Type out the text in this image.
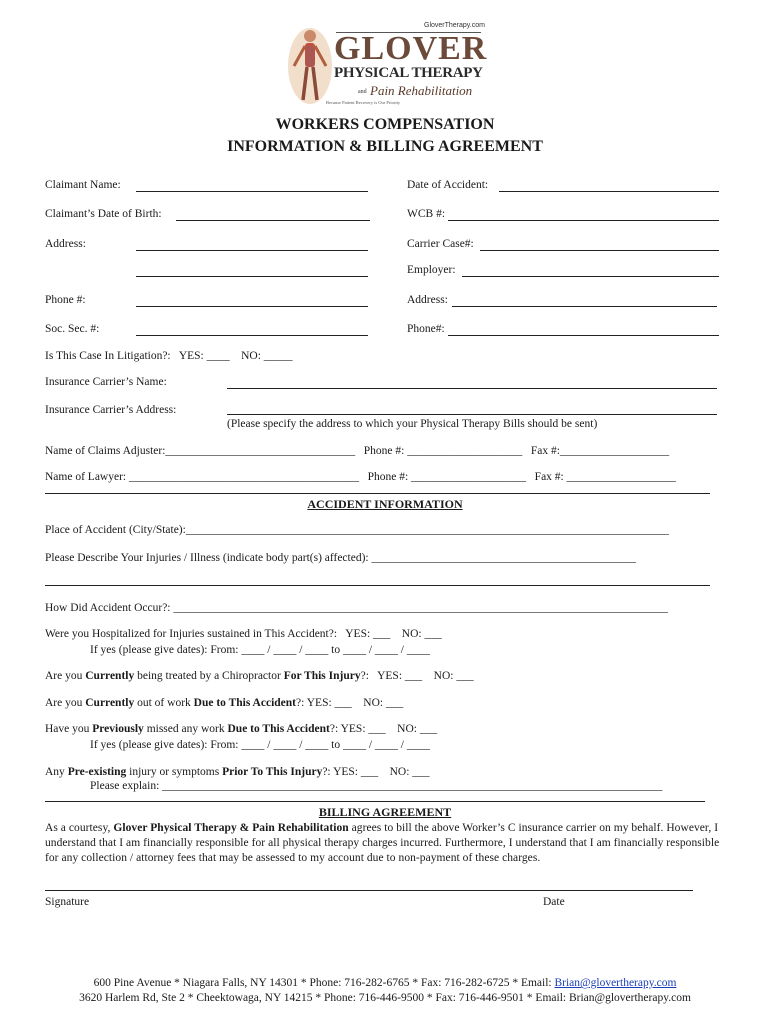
GloverTherapy.com
GLOVER
PHYSICAL THERAPY
and Pain Rehabilitation
Because Patient Recovery is Our Priority
WORKERS COMPENSATION
INFORMATION & BILLING AGREEMENT
Claimant Name:	Date of Accident:
Claimant’s Date of Birth:	WCB #:
Address:	Carrier Case#:
Employer:
Phone #:	Address:
Soc. Sec. #:	Phone#:
Is This Case In Litigation?:   YES: ____    NO: _____
Insurance Carrier’s Name:
Insurance Carrier’s Address:
(Please specify the address to which your Physical Therapy Bills should be sent)
Name of Claims Adjuster:_________________________________   Phone #: ____________________   Fax #:___________________
Name of Lawyer: ________________________________________   Phone #: ____________________   Fax #: ___________________
ACCIDENT INFORMATION
Place of Accident (City/State):____________________________________________________________________________________
Please Describe Your Injuries / Illness (indicate body part(s) affected): ______________________________________________
How Did Accident Occur?: ______________________________________________________________________________________
Were you Hospitalized for Injuries sustained in This Accident?:   YES: ___    NO: ___
If yes (please give dates): From: ____ / ____ / ____ to ____ / ____ / ____
Are you Currently being treated by a Chiropractor For This Injury?:   YES: ___    NO: ___
Are you Currently out of work Due to This Accident?: YES: ___    NO: ___
Have you Previously missed any work Due to This Accident?: YES: ___    NO: ___
If yes (please give dates): From: ____ / ____ / ____ to ____ / ____ / ____
Any Pre-existing injury or symptoms Prior To This Injury?: YES: ___    NO: ___
Please explain: _______________________________________________________________________________________
BILLING AGREEMENT
As a courtesy, Glover Physical Therapy & Pain Rehabilitation agrees to bill the above Worker’s C insurance carrier on my behalf. However, I understand that I am financially responsible for all physical therapy charges incurred. Furthermore, I understand that I am financially responsible for any collection / attorney fees that may be assessed to my account due to non-payment of these charges.
Signature	Date
600 Pine Avenue * Niagara Falls, NY 14301 * Phone: 716-282-6765 * Fax: 716-282-6725 * Email: Brian@glovertherapy.com
3620 Harlem Rd, Ste 2 * Cheektowaga, NY 14215 * Phone: 716-446-9500 * Fax: 716-446-9501 * Email: Brian@glovertherapy.com
